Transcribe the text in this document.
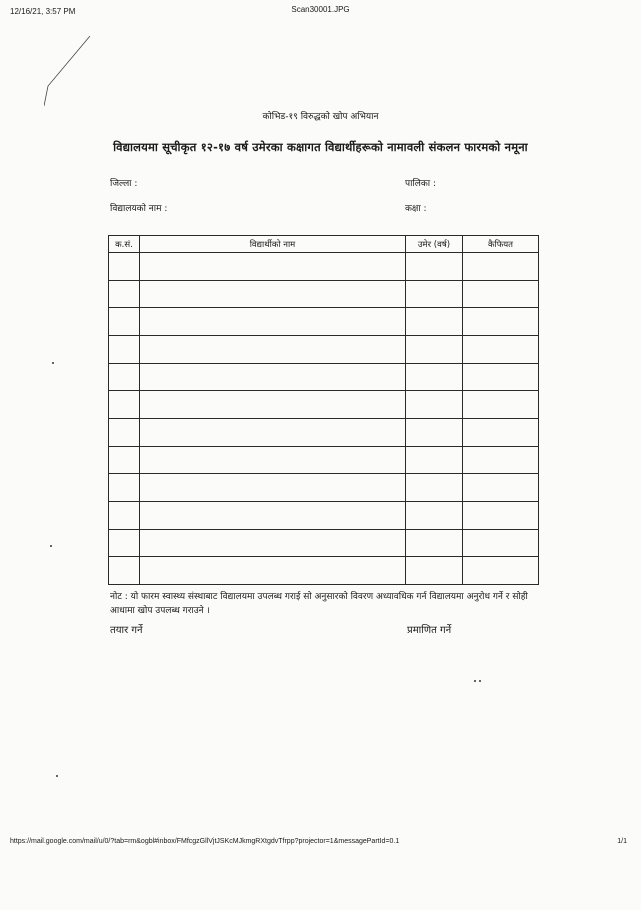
12/16/21, 3:57 PM	Scan30001.JPG
कोभिड-१९ विरुद्धको खोप अभियान
विद्यालयमा सूचीकृत १२-१७ वर्ष उमेरका कक्षागत विद्यार्थीहरूको नामावली संकलन फारमको नमूना
जिल्ला :	पालिका :
विद्यालयको नाम :	कक्षा :
क.सं.	विद्यार्थीको नाम	उमेर (वर्ष)	कैफियत

नोट : यो फारम स्वास्थ्य संस्थाबाट विद्यालयमा उपलब्ध गराई सो अनुसारको विवरण अध्यावधिक गर्न विद्यालयमा अनुरोध गर्ने र सोही आधामा खोप उपलब्ध गराउने ।
तयार गर्ने	प्रमाणित गर्ने
https://mail.google.com/mail/u/0/?tab=rm&ogbl#inbox/FMfcgzGllVjtJSKcMJkmgRXtgdvTfrpp?projector=1&messagePartId=0.1	1/1
